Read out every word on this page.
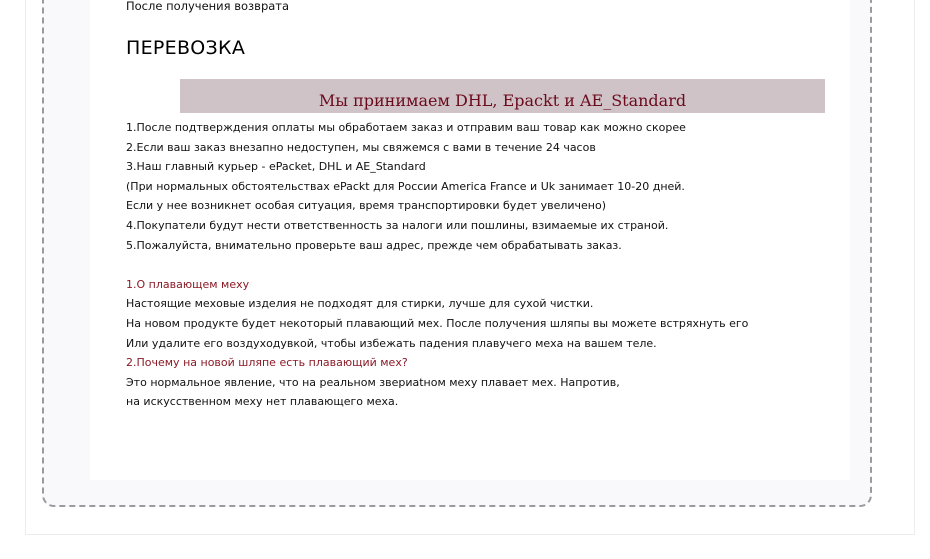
После получения возврата
ПЕРЕВОЗКА
Мы принимаем DHL, Epackt и AE_Standard
1.После подтверждения оплаты мы обработаем заказ и отправим ваш товар как можно скорее
2.Если ваш заказ внезапно недоступен, мы свяжемся с вами в течение 24 часов
3.Наш главный курьер - ePacket, DHL и AE_Standard
(При нормальных обстоятельствах ePackt для России America France и Uk занимает 10-20 дней.
Если у нее возникнет особая ситуация, время транспортировки будет увеличено)
4.Покупатели будут нести ответственность за налоги или пошлины, взимаемые их страной.
5.Пожалуйста, внимательно проверьте ваш адрес, прежде чем обрабатывать заказ.
1.О плавающем меху
Настоящие меховые изделия не подходят для стирки, лучше для сухой чистки.
На новом продукте будет некоторый плавающий мех. После получения шляпы вы можете встряхнуть его
Или удалите его воздуходувкой, чтобы избежать падения плавучего меха на вашем теле.
2.Почему на новой шляпе есть плавающий мех?
Это нормальное явление, что на реальном звериatном меху плавает мех. Напротив,
на искусственном меху нет плавающего меха.
